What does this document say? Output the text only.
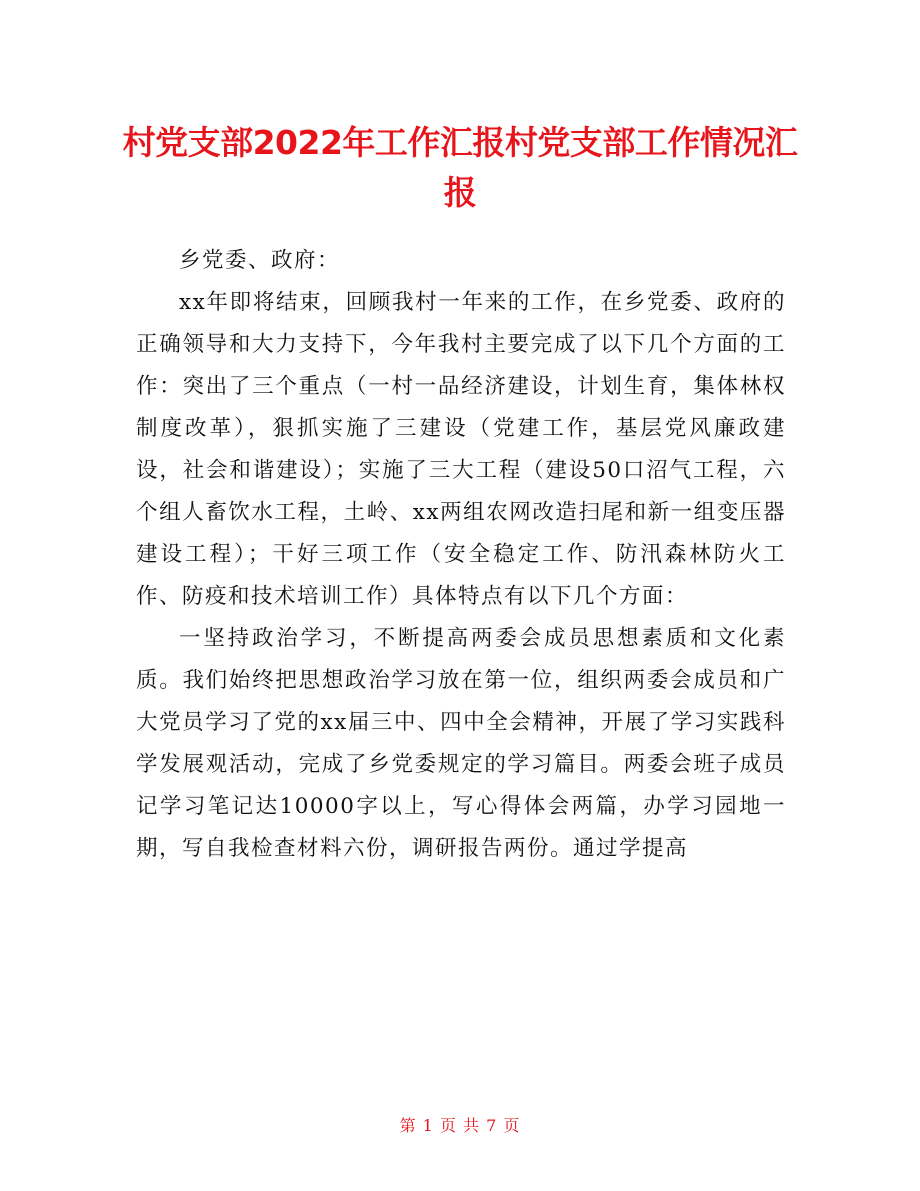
村党支部2022年工作汇报村党支部工作情况汇报

乡党委、政府：

xx年即将结束，回顾我村一年来的工作，在乡党委、政府的正确领导和大力支持下，今年我村主要完成了以下几个方面的工作：突出了三个重点（一村一品经济建设，计划生育，集体林权制度改革），狠抓实施了三建设（党建工作，基层党风廉政建设，社会和谐建设）；实施了三大工程（建设50口沼气工程，六个组人畜饮水工程，土岭、xx两组农网改造扫尾和新一组变压器建设工程）；干好三项工作（安全稳定工作、防汛森林防火工作、防疫和技术培训工作）具体特点有以下几个方面：

一坚持政治学习，不断提高两委会成员思想素质和文化素质。我们始终把思想政治学习放在第一位，组织两委会成员和广大党员学习了党的xx届三中、四中全会精神，开展了学习实践科学发展观活动，完成了乡党委规定的学习篇目。两委会班子成员记学习笔记达10000字以上，写心得体会两篇，办学习园地一期，写自我检查材料六份，调研报告两份。通过学提高

第 1 页 共 7 页
